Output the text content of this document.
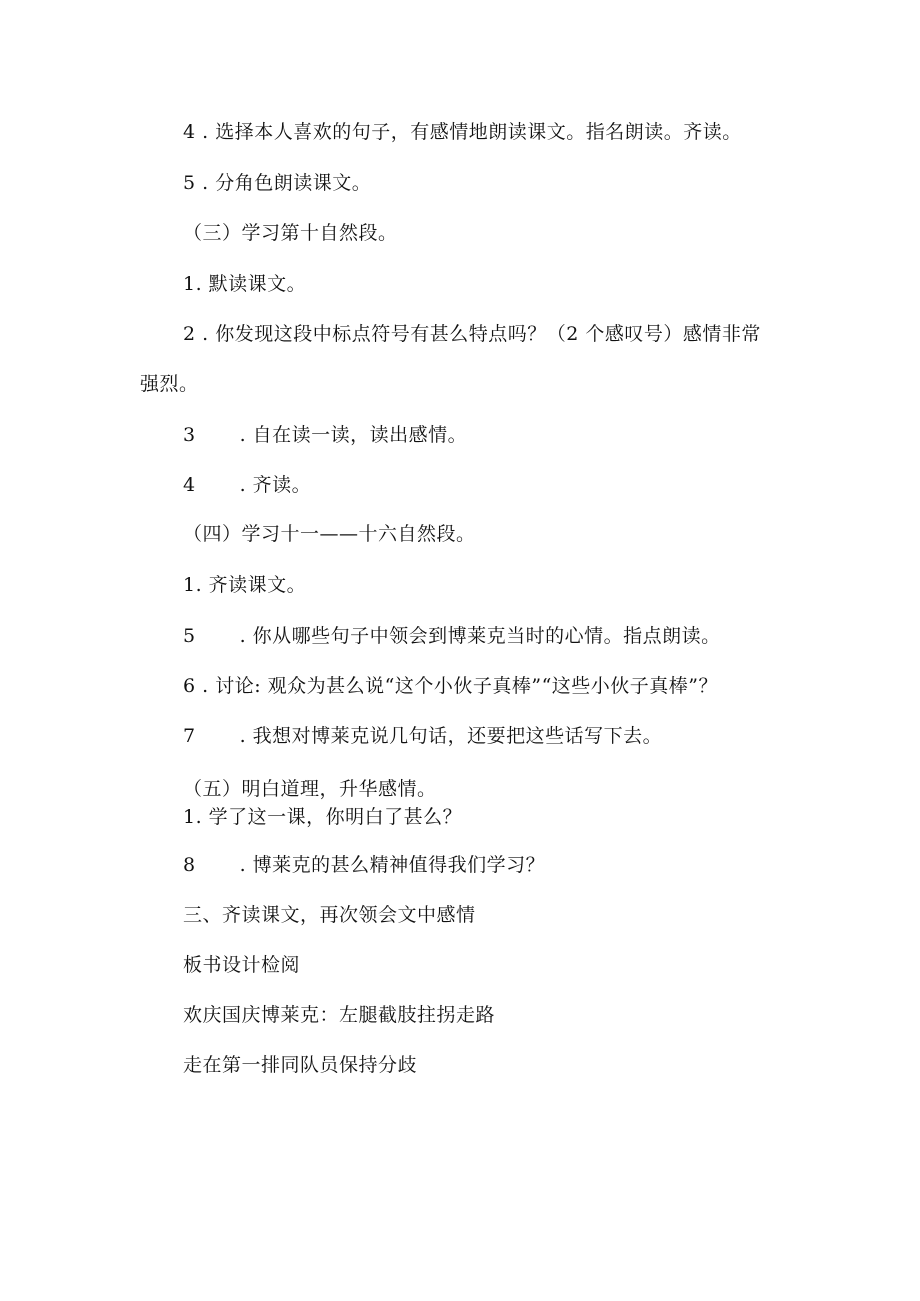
4 . 选择本人喜欢的句子，有感情地朗读课文。指名朗读。齐读。
5 . 分角色朗读课文。
（三）学习第十自然段。
1. 默读课文。
2 . 你发现这段中标点符号有甚么特点吗？（2 个感叹号）感情非常
强烈。
3 . 自在读一读，读出感情。
4 . 齐读。
（四）学习十一——十六自然段。
1. 齐读课文。
5 . 你从哪些句子中领会到博莱克当时的心情。指点朗读。
6 . 讨论: 观众为甚么说“这个小伙子真棒”“这些小伙子真棒”？
7 . 我想对博莱克说几句话，还要把这些话写下去。
（五）明白道理，升华感情。
1. 学了这一课，你明白了甚么？
8 . 博莱克的甚么精神值得我们学习？
三、齐读课文，再次领会文中感情
板书设计检阅
欢庆国庆博莱克：左腿截肢拄拐走路
走在第一排同队员保持分歧
